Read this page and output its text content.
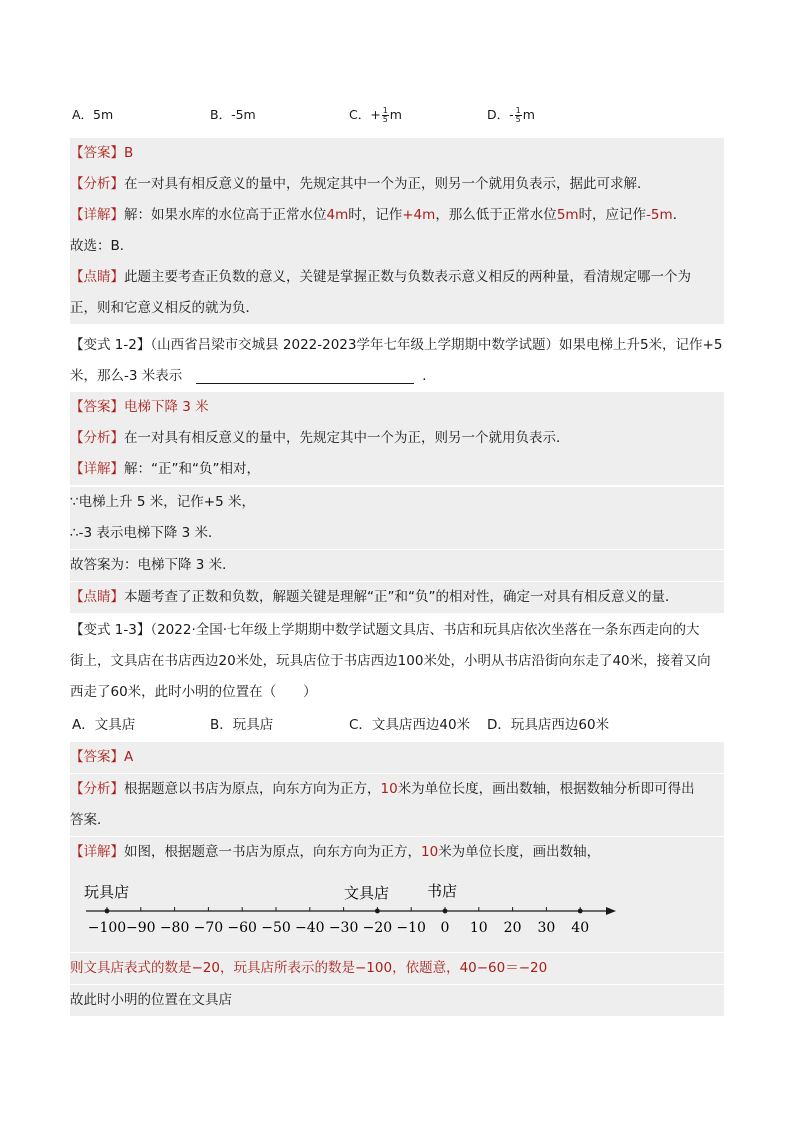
A．5m	B．-5m	C．+ $\frac{1}{5}$ m	D．- $\frac{1}{5}$ m
【答案】B
【分析】在一对具有相反意义的量中，先规定其中一个为正，则另一个就用负表示，据此可求解．
【详解】解：如果水库的水位高于正常水位4m时，记作+4m，那么低于正常水位5m时，应记作-5m．
故选：B．
【点睛】此题主要考查正负数的意义，关键是掌握正数与负数表示意义相反的两种量，看清规定哪一个为
正，则和它意义相反的就为负．
【变式 1-2】（山西省吕梁市交城县 2022-2023学年七年级上学期期中数学试题）如果电梯上升5米，记作+5
米，那么-3 米表示	．
【答案】电梯下降 3 米
【分析】在一对具有相反意义的量中，先规定其中一个为正，则另一个就用负表示．
【详解】解：“正”和“负”相对，
∵电梯上升 5 米，记作+5 米，
∴-3 表示电梯下降 3 米．
故答案为：电梯下降 3 米．
【点睛】本题考查了正数和负数，解题关键是理解“正”和“负”的相对性，确定一对具有相反意义的量．
【变式 1-3】（2022·全国·七年级上学期期中数学试题文具店、书店和玩具店依次坐落在一条东西走向的大
街上，文具店在书店西边20米处，玩具店位于书店西边100米处，小明从书店沿街向东走了40米，接着又向
西走了60米，此时小明的位置在（　　）
A．文具店	B．玩具店	C．文具店西边40米 D．玩具店西边60米
【答案】A
【分析】根据题意以书店为原点，向东方向为正方，10米为单位长度，画出数轴，根据数轴分析即可得出
答案．
【详解】如图，根据题意一书店为原点，向东方向为正方，10米为单位长度，画出数轴，
−100 −90 −80 −70 −60 −50 −40 −30 −20 −10 0 10 20 30 40
玩具店	文具店	书店
则文具店表式的数是−20，玩具店所表示的数是−100，依题意，40−60＝−20
故此时小明的位置在文具店
